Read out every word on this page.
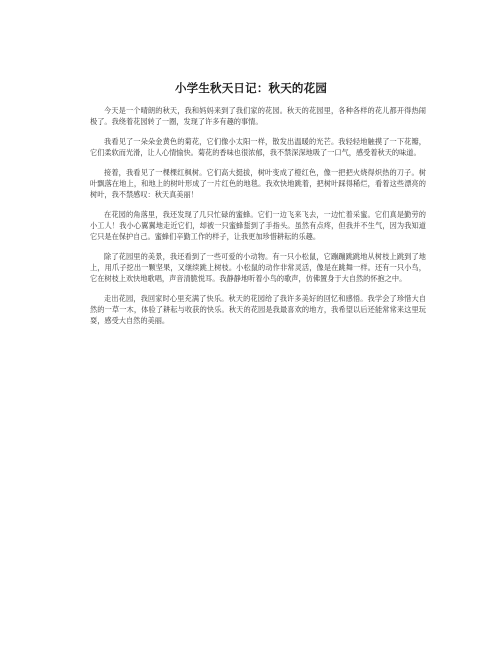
小学生秋天日记：秋天的花园

今天是一个晴朗的秋天，我和妈妈来到了我们家的花园。秋天的花园里，各种各样的花儿都开得热闹极了。我绕着花园转了一圈，发现了许多有趣的事情。

我看见了一朵朵金黄色的菊花，它们像小太阳一样，散发出温暖的光芒。我轻轻地触摸了一下花瓣，它们柔软而光滑，让人心情愉快。菊花的香味也很浓郁，我不禁深深地吸了一口气，感受着秋天的味道。

接着，我看见了一棵棵红枫树。它们高大挺拔，树叶变成了橙红色，像一把把火烧得炽热的刀子。树叶飘落在地上，和地上的树叶形成了一片红色的地毯。我欢快地跳着，把树叶踩得稀烂，看着这些漂亮的树叶，我不禁感叹：秋天真美丽！

在花园的角落里，我还发现了几只忙碌的蜜蜂。它们一边飞来飞去，一边忙着采蜜。它们真是勤劳的小工人！我小心翼翼地走近它们，却被一只蜜蜂蜇到了手指头。虽然有点疼，但我并不生气，因为我知道它只是在保护自己。蜜蜂们辛勤工作的样子，让我更加珍惜耕耘的乐趣。

除了花园里的美景，我还看到了一些可爱的小动物。有一只小松鼠，它蹦蹦跳跳地从树枝上跳到了地上，用爪子挖出一颗坚果，又继续跳上树枝。小松鼠的动作非常灵活，像是在跳舞一样。还有一只小鸟，它在树枝上欢快地歌唱，声音清脆悦耳。我静静地听着小鸟的歌声，仿佛置身于大自然的怀抱之中。

走出花园，我回家时心里充满了快乐。秋天的花园给了我许多美好的回忆和感悟。我学会了珍惜大自然的一草一木，体验了耕耘与收获的快乐。秋天的花园是我最喜欢的地方，我希望以后还能常常来这里玩耍，感受大自然的美丽。
